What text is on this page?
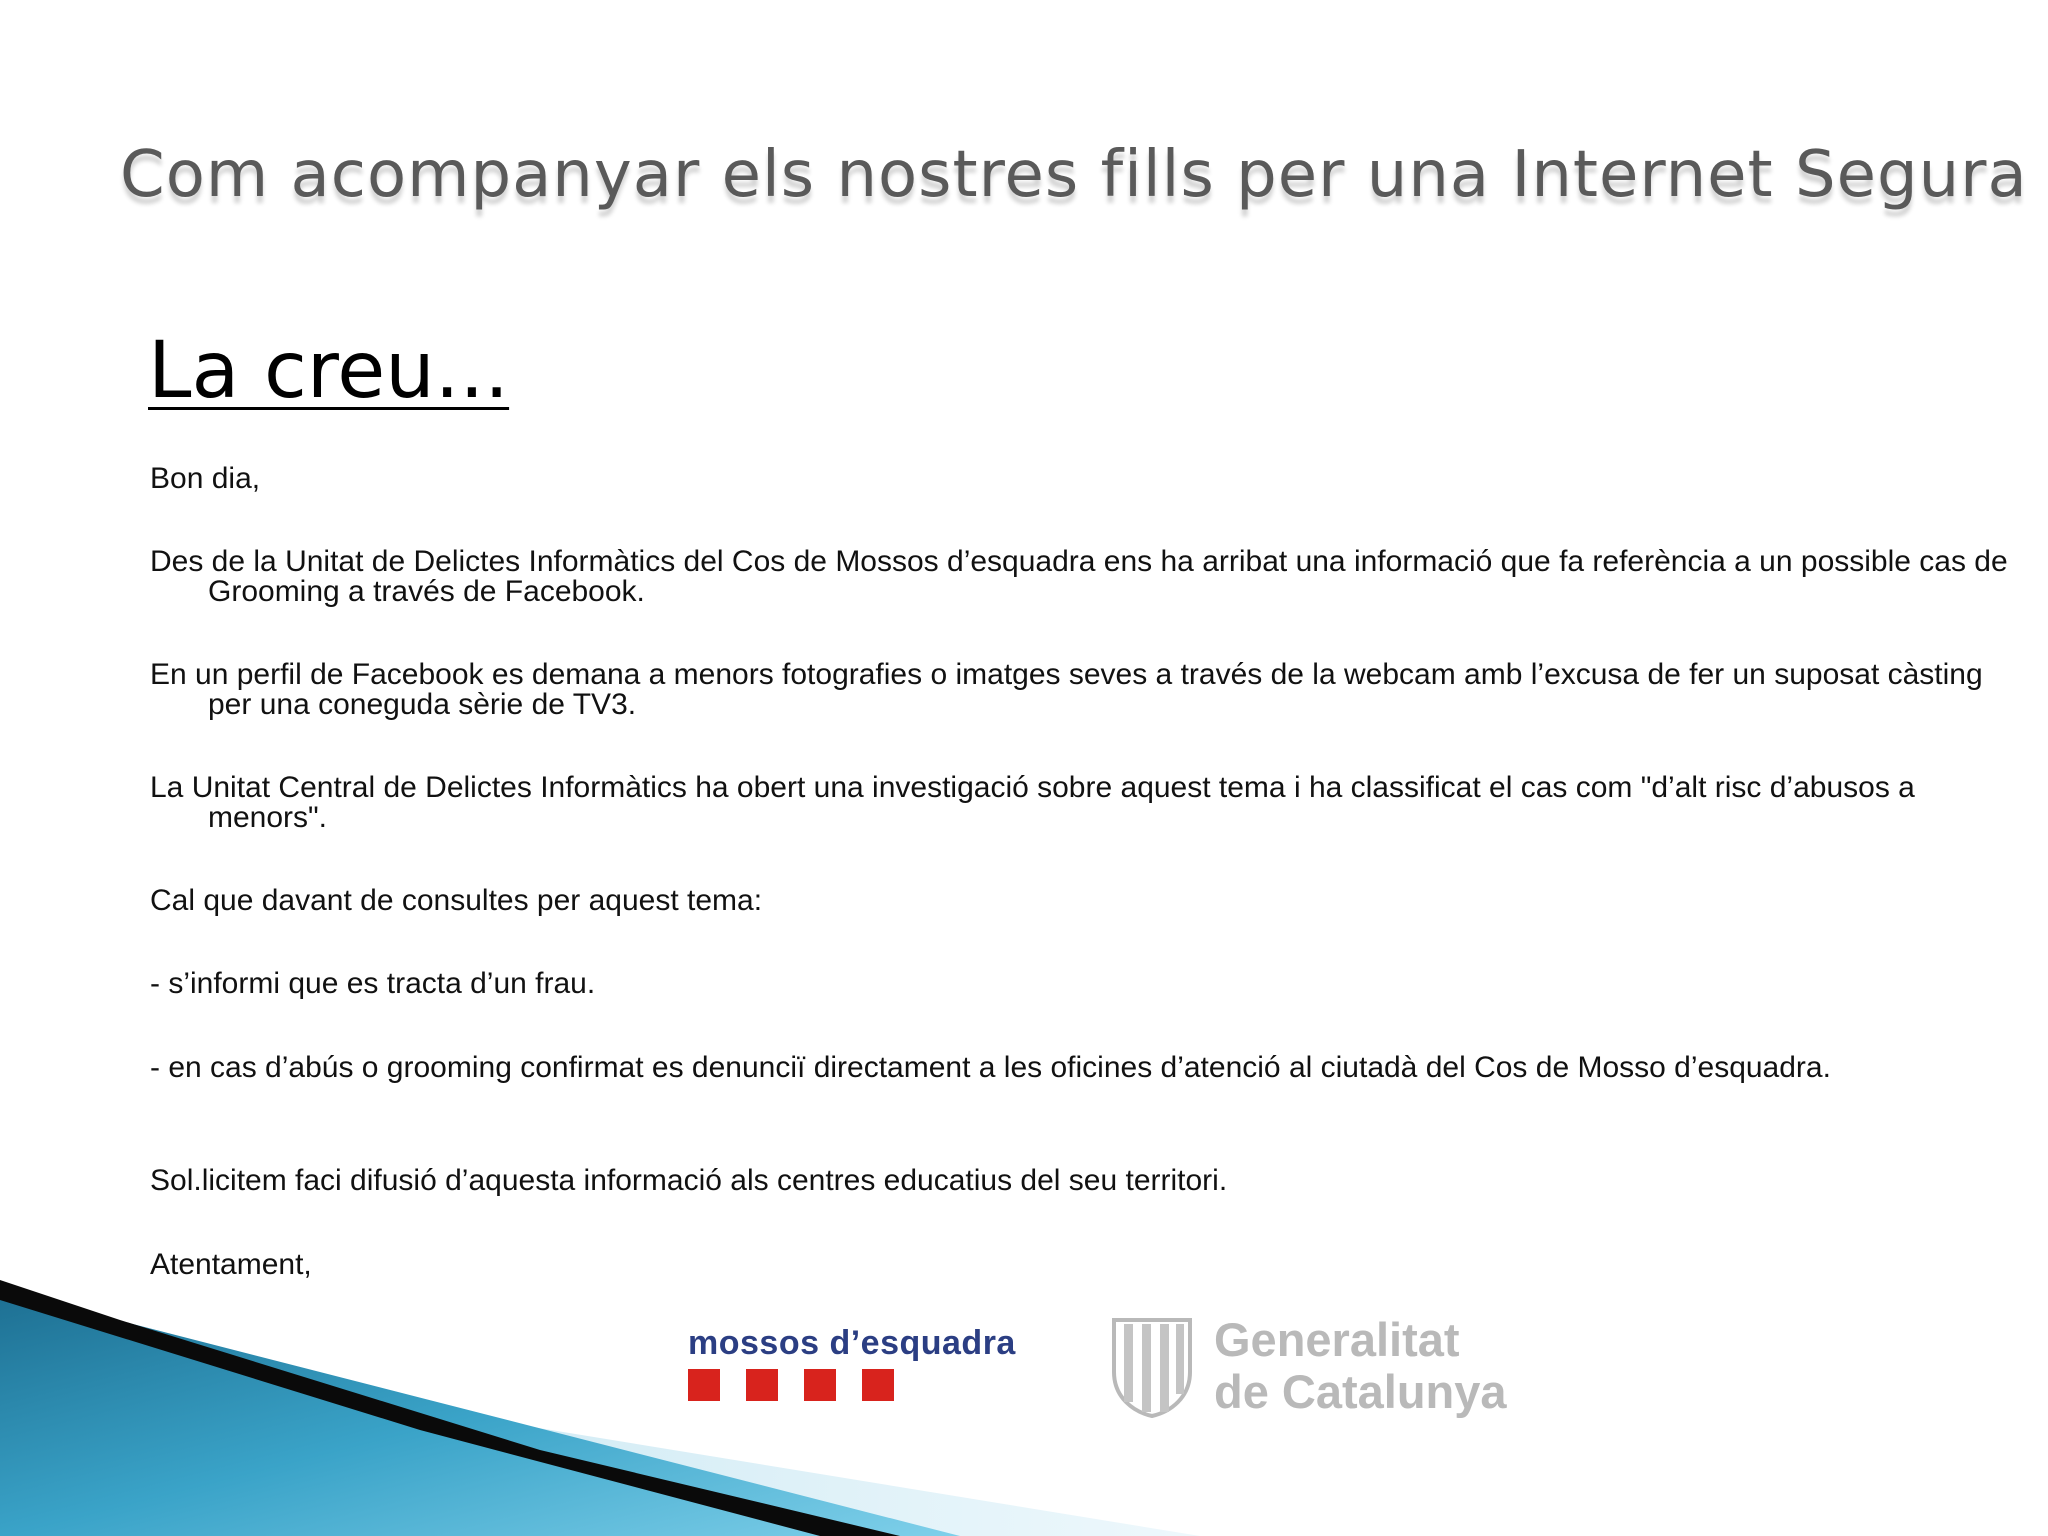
Com acompanyar els nostres fills per una Internet Segura
La creu...
Bon dia,
Des de la Unitat de Delictes Informàtics del Cos de Mossos d’esquadra ens ha arribat una informació que fa referència a un possible cas de Grooming a través de Facebook.
En un perfil de Facebook es demana a menors fotografies o imatges seves a través de la webcam amb l’excusa de fer un suposat càsting per una coneguda sèrie de TV3.
La Unitat Central de Delictes Informàtics ha obert una investigació sobre aquest tema i ha classificat el cas com "d’alt risc d’abusos a menors".
Cal que davant de consultes per aquest tema:
- s’informi que es tracta d’un frau.
- en cas d’abús o grooming confirmat es denunciï directament a les oficines d’atenció al ciutadà del Cos de Mosso d’esquadra.
Sol.licitem faci difusió d’aquesta informació als centres educatius del seu territori.
Atentament,
mossos d’esquadra	Generalitat
de Catalunya
